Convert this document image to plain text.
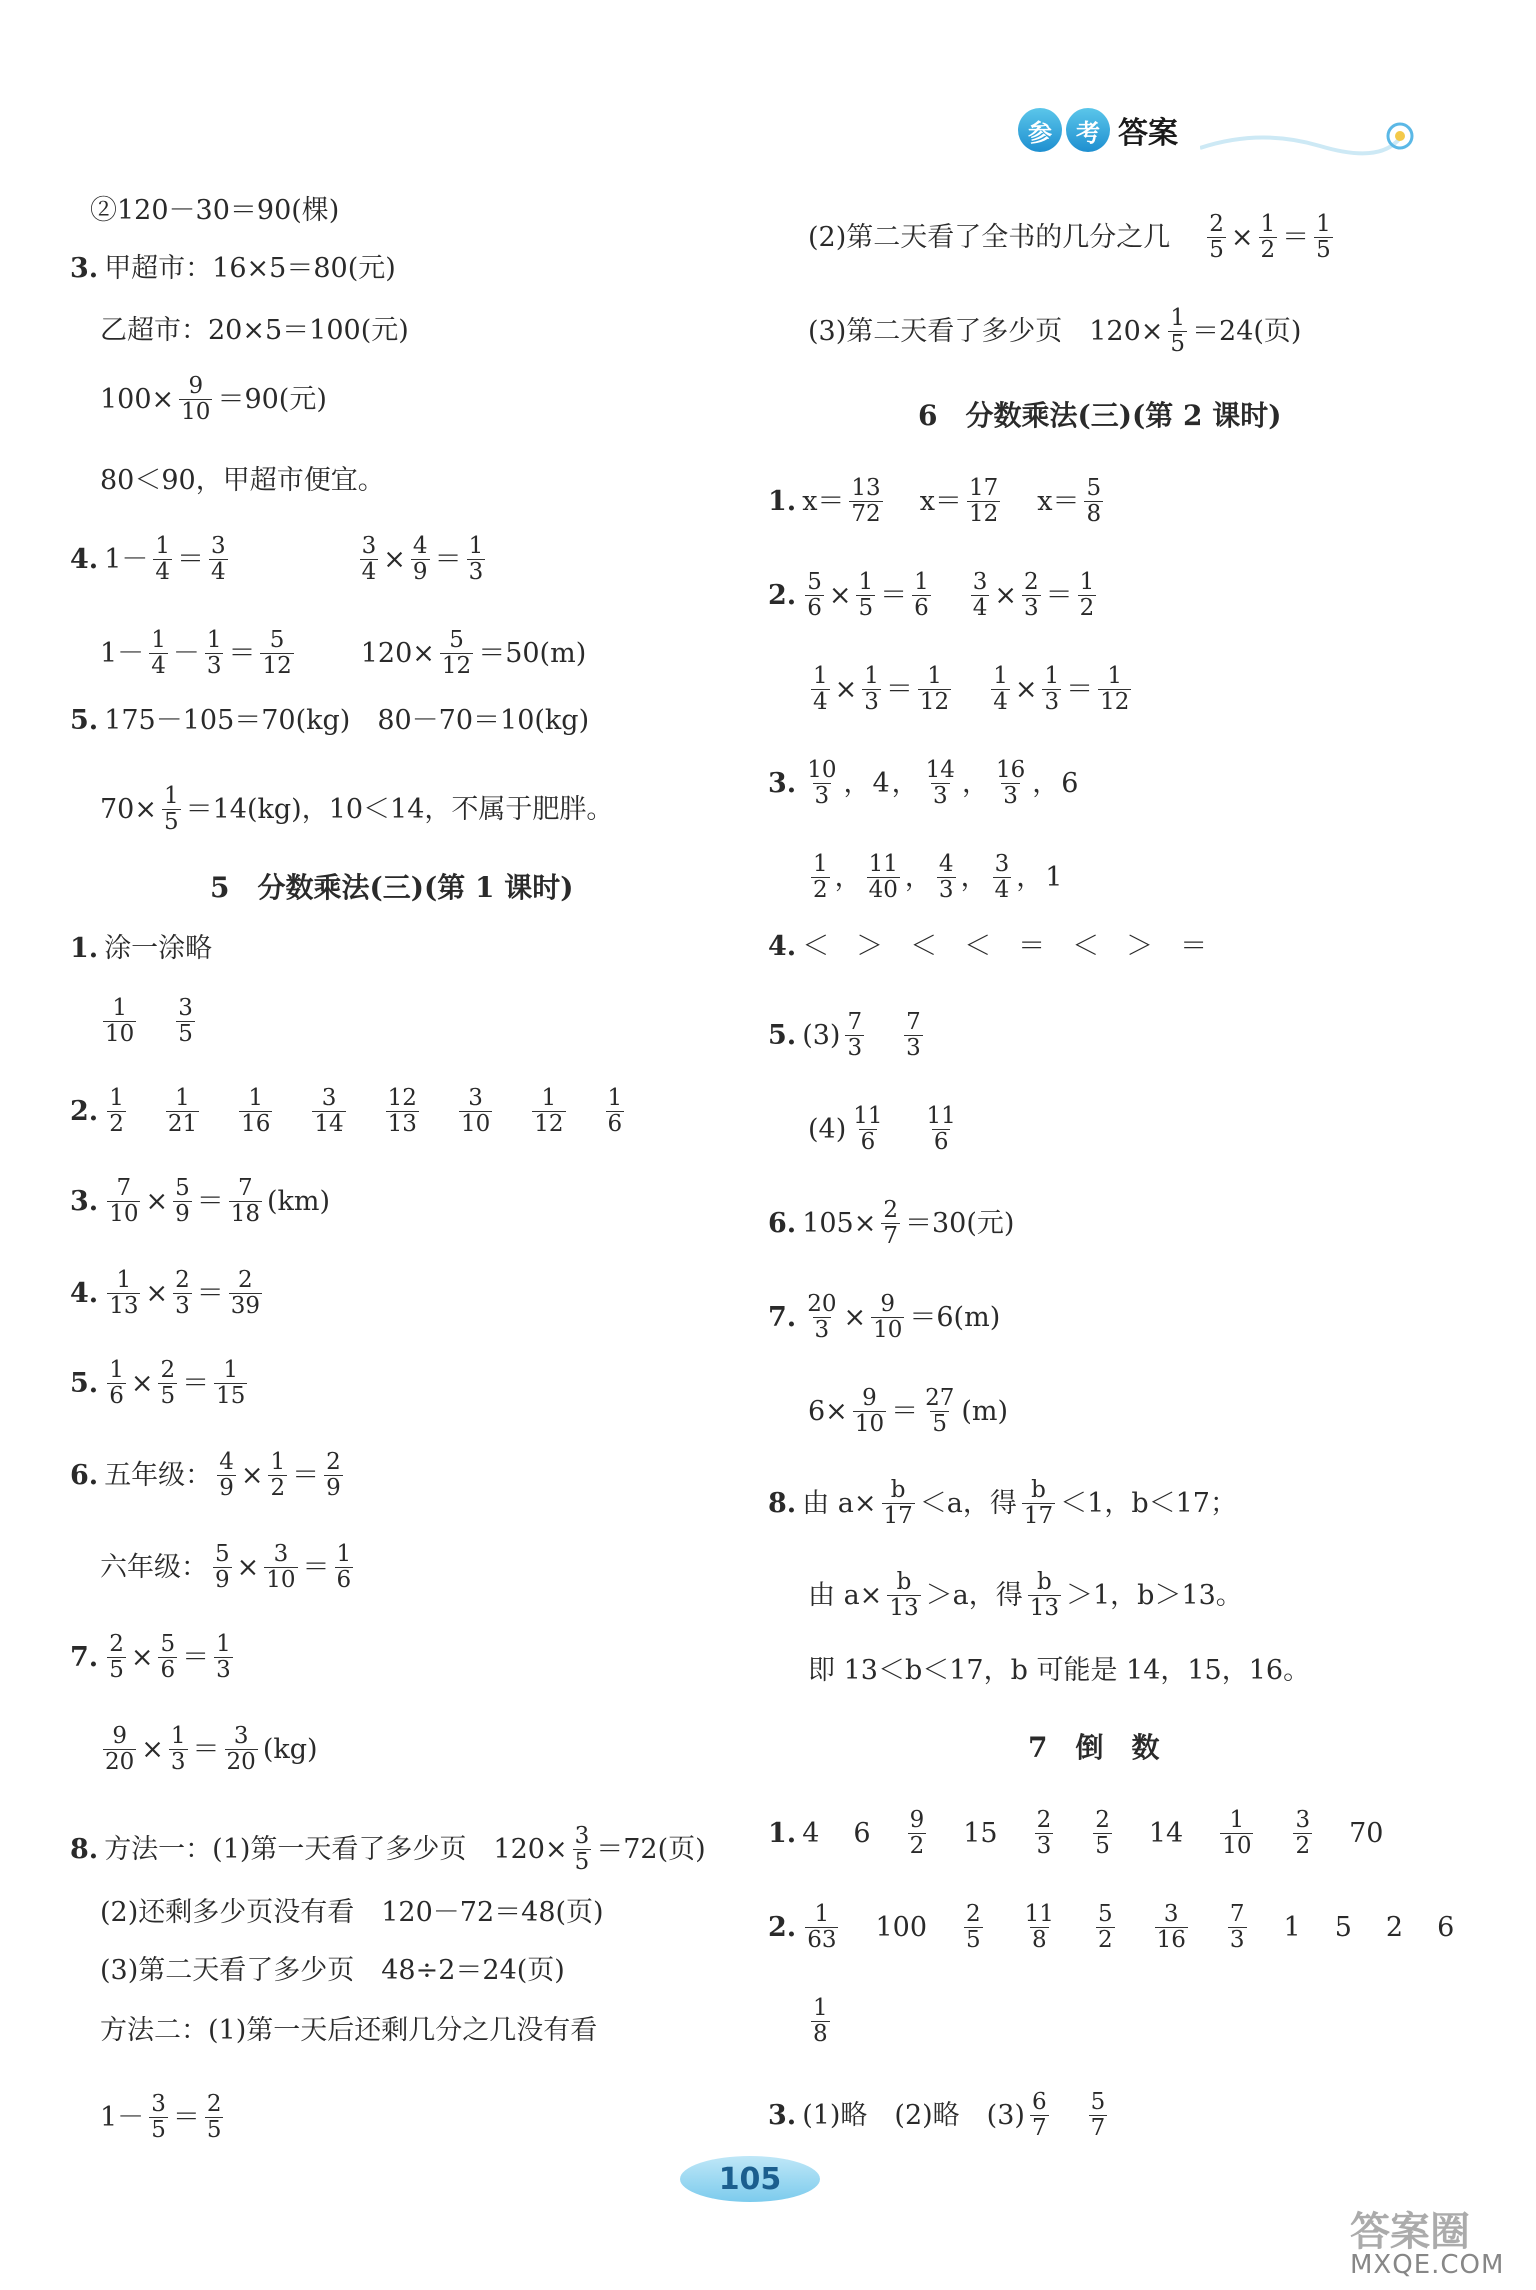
参	考 答案
②120－30＝90(棵)
3. 甲超市：16×5＝80(元)
乙超市：20×5＝100(元)
$100\times \frac{9}{10} =90$(元)
80＜90，甲超市便宜。
4. $1- \frac{1}{4} = \frac{3}{4}$	$\frac{3}{4} \times \frac{4}{9} = \frac{1}{3}$
$1- \frac{1}{4} - \frac{1}{3} = \frac{5}{12} 120\times \frac{5}{12} =50(m)$
5. 175－105＝70(kg)　80－70＝10(kg)
$70\times \frac{1}{5} =14(kg)$，10＜14，不属于肥胖。
5　分数乘法(三)(第 1 课时)
1. 涂一涂略
$\frac{1}{10} \frac{3}{5}$
2. $\frac{1}{2} \frac{1}{21} \frac{1}{16} \frac{3}{14} \frac{12}{13} \frac{3}{10} \frac{1}{12} \frac{1}{6}$
3. $\frac{7}{10} \times \frac{5}{9} = \frac{7}{18} (km)$
4. $\frac{1}{13} \times \frac{2}{3} = \frac{2}{39}$
5. $\frac{1}{6} \times \frac{2}{5} = \frac{1}{15}$
6. 五年级： $\frac{4}{9} \times \frac{1}{2} = \frac{2}{9}$
六年级： $\frac{5}{9} \times \frac{3}{10} = \frac{1}{6}$
7. $\frac{2}{5} \times \frac{5}{6} = \frac{1}{3}$
$\frac{9}{20} \times \frac{1}{3} = \frac{3}{20} (kg)$
8. 方法一：(1)第一天看了多少页　$120\times \frac{3}{5} =72$(页)
(2)还剩多少页没有看　120－72＝48(页)
(3)第二天看了多少页　48÷2＝24(页)
方法二：(1)第一天后还剩几分之几没有看
$1- \frac{3}{5} = \frac{2}{5}$
(2)第二天看了全书的几分之几 $\frac{2}{5} \times \frac{1}{2} = \frac{1}{5}$
(3)第二天看了多少页　$120\times \frac{1}{5} =24$(页)
6　分数乘法(三)(第 2 课时)
1. $x= \frac{13}{72} x= \frac{17}{12} x= \frac{5}{8}$
2. $\frac{5}{6} \times \frac{1}{5} = \frac{1}{6} \frac{3}{4} \times \frac{2}{3} = \frac{1}{2}$
$\frac{1}{4} \times \frac{1}{3} = \frac{1}{12} \frac{1}{4} \times \frac{1}{3} = \frac{1}{12}$
3. $\frac{10}{3}$ ， 4 ， $\frac{14}{3}$ ， $\frac{16}{3}$ ， 6
$\frac{1}{2}$ ， $\frac{11}{40}$ ， $\frac{4}{3}$ ， $\frac{3}{4}$ ， 1
4. ＜　＞　＜　＜　＝　＜　＞　＝
5. $(3) \frac{7}{3} \frac{7}{3}$
$(4) \frac{11}{6} \frac{11}{6}$
6. $105\times \frac{2}{7} =30$(元)
7. $\frac{20}{3} \times \frac{9}{10} =6(m)$
$6\times \frac{9}{10} = \frac{27}{5} (m)$
8. 由 $a\times \frac{b}{17} <a$，得 $\frac{b}{17} <1$，b＜17；
由 $a\times \frac{b}{13} >a$，得 $\frac{b}{13} >1$，b＞13。
即 13＜b＜17，b 可能是 14，15，16。
7　倒　数
1. 4 $6 \frac{9}{2} 15 \frac{2}{3} \frac{2}{5} 14 \frac{1}{10} \frac{3}{2} 70$
2. $\frac{1}{63} 100 \frac{2}{5} \frac{11}{8} \frac{5}{2} \frac{3}{16} \frac{7}{3} 1$ 5 2 6
$\frac{1}{8}$
3. (1)略　(2)略　$(3) \frac{6}{7} \frac{5}{7}$
105
答案圈
MXQE.COM
